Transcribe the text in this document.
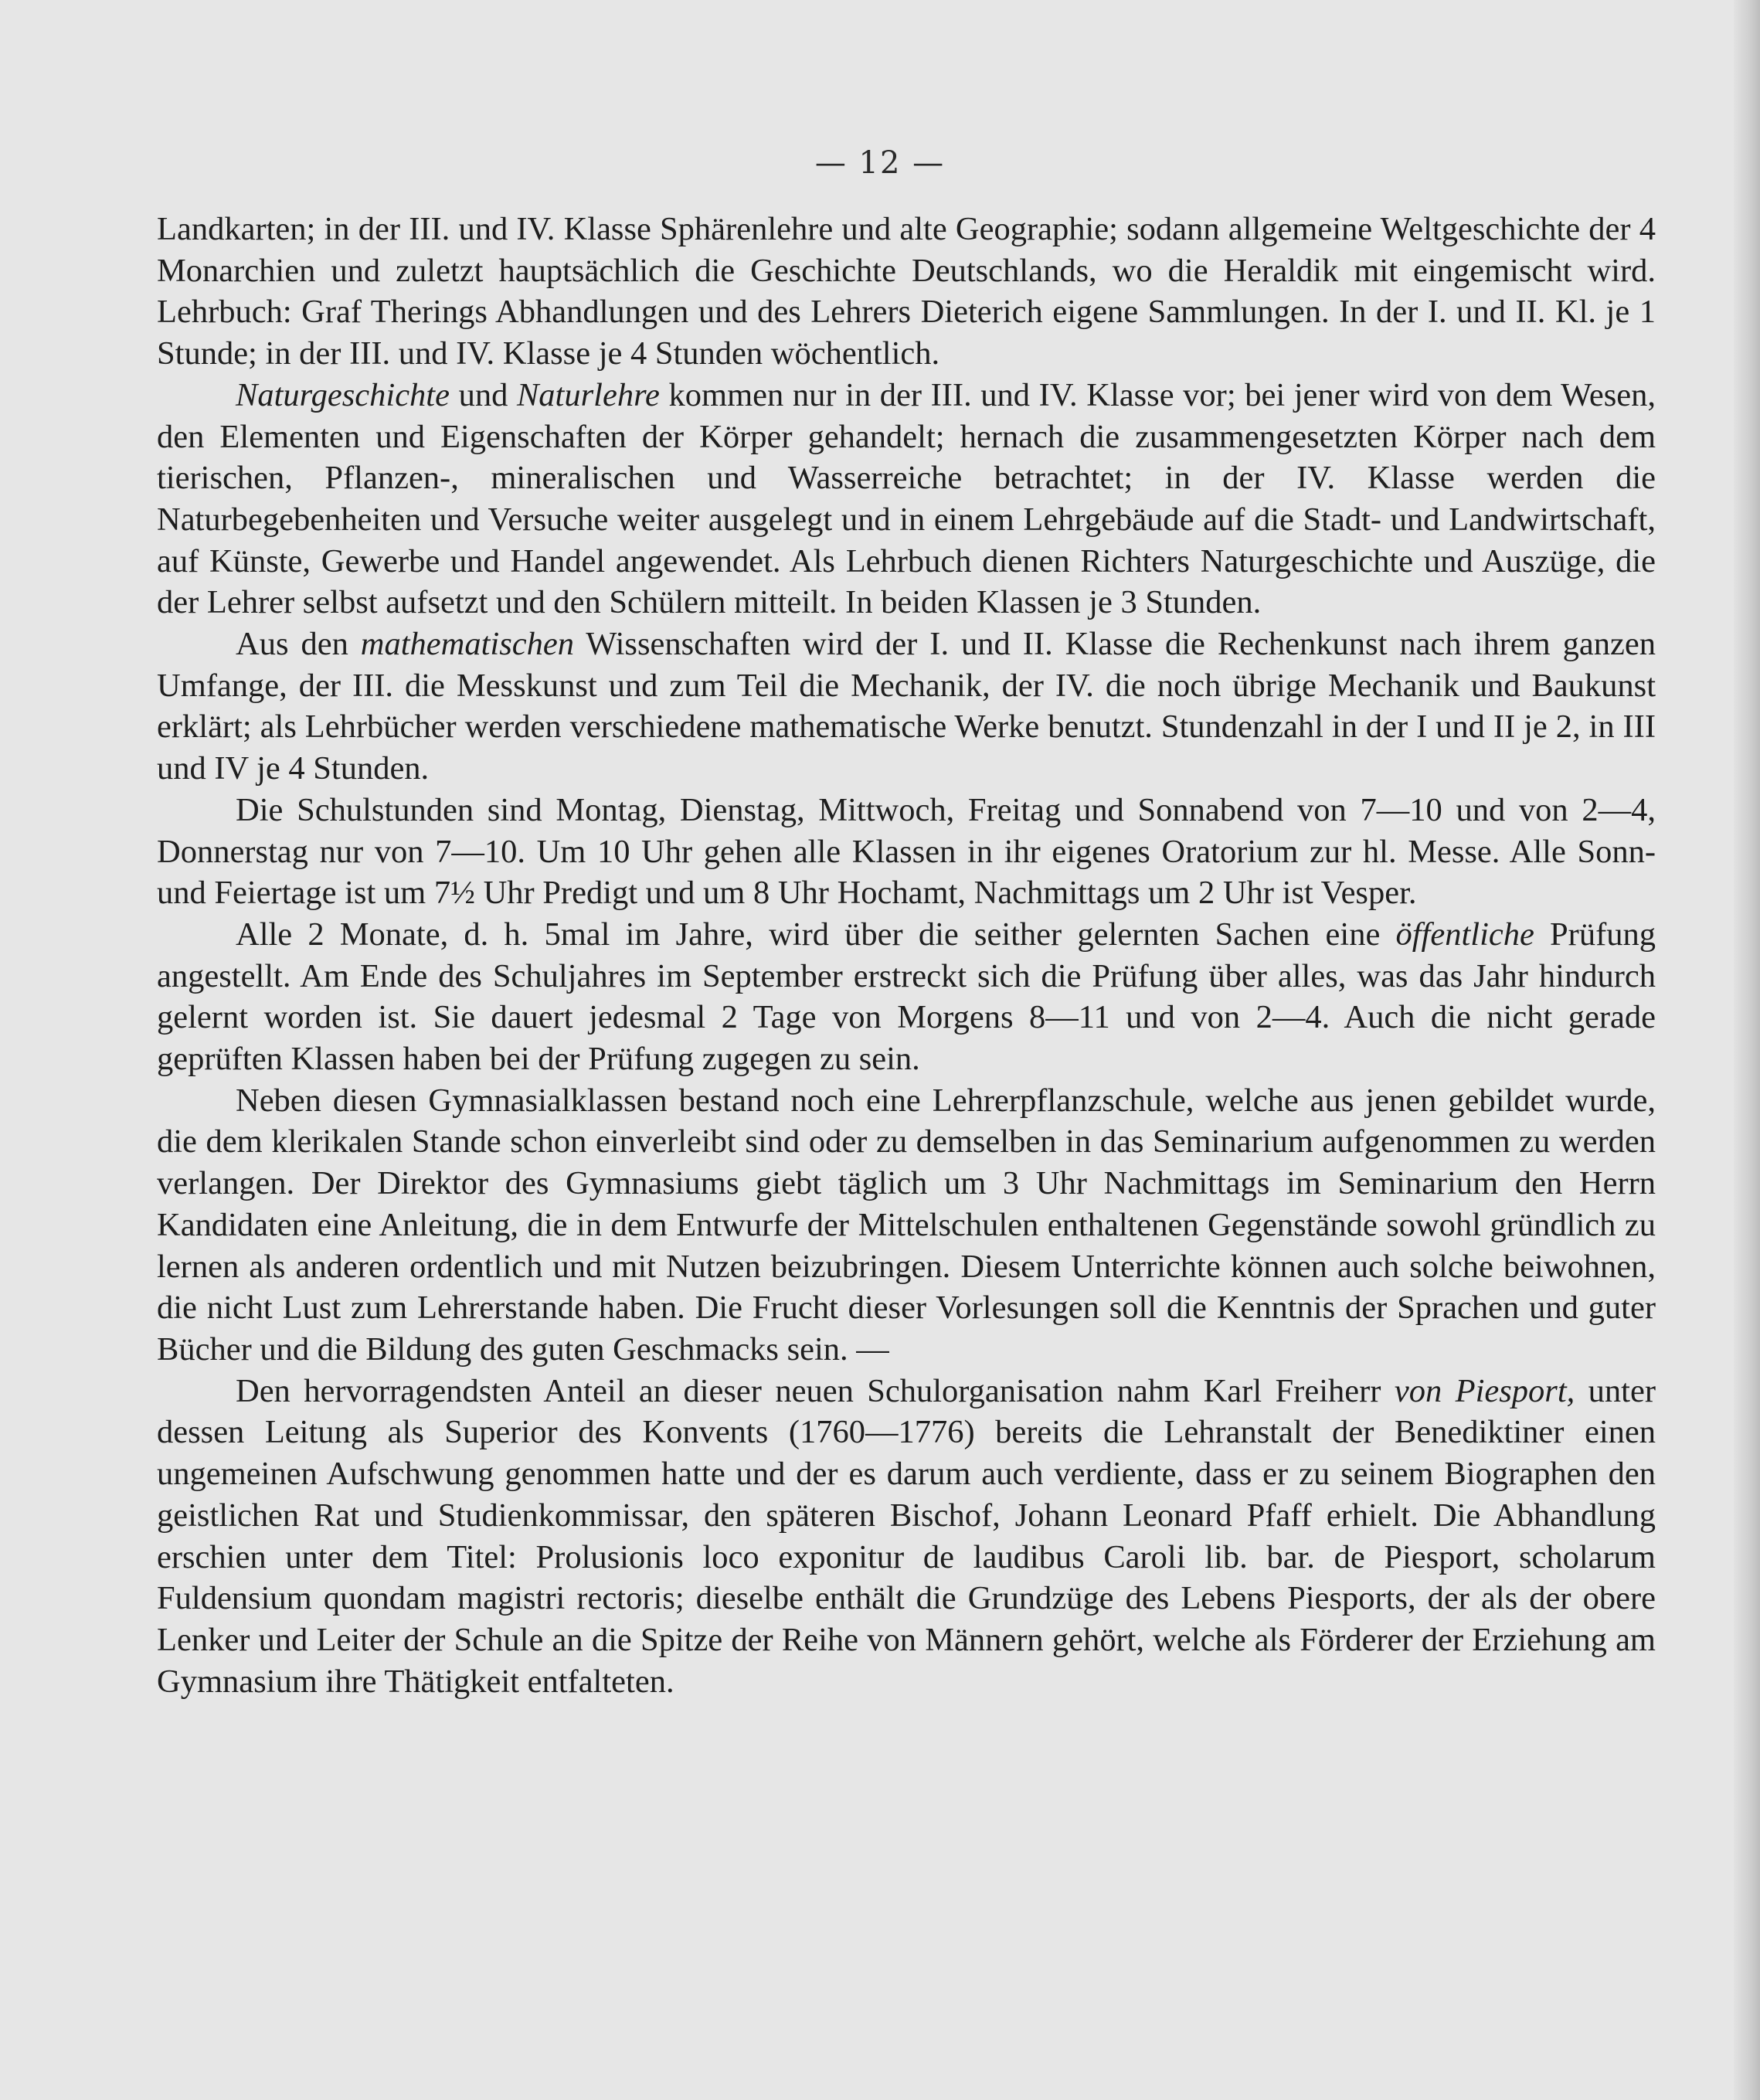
— 12 —

Landkarten; in der III. und IV. Klasse Sphärenlehre und alte Geographie; sodann allgemeine Weltgeschichte der 4 Monarchien und zuletzt hauptsächlich die Geschichte Deutschlands, wo die Heraldik mit eingemischt wird. Lehrbuch: Graf Therings Abhandlungen und des Lehrers Dieterich eigene Sammlungen. In der I. und II. Kl. je 1 Stunde; in der III. und IV. Klasse je 4 Stunden wöchentlich.

Naturgeschichte und Naturlehre kommen nur in der III. und IV. Klasse vor; bei jener wird von dem Wesen, den Elementen und Eigenschaften der Körper gehandelt; hernach die zusammengesetzten Körper nach dem tierischen, Pflanzen-, mineralischen und Wasserreiche betrachtet; in der IV. Klasse werden die Naturbegebenheiten und Versuche weiter ausgelegt und in einem Lehrgebäude auf die Stadt- und Landwirtschaft, auf Künste, Gewerbe und Handel angewendet. Als Lehrbuch dienen Richters Naturgeschichte und Auszüge, die der Lehrer selbst aufsetzt und den Schülern mitteilt. In beiden Klassen je 3 Stunden.

Aus den mathematischen Wissenschaften wird der I. und II. Klasse die Rechenkunst nach ihrem ganzen Umfange, der III. die Messkunst und zum Teil die Mechanik, der IV. die noch übrige Mechanik und Baukunst erklärt; als Lehrbücher werden verschiedene mathematische Werke benutzt. Stundenzahl in der I und II je 2, in III und IV je 4 Stunden.

Die Schulstunden sind Montag, Dienstag, Mittwoch, Freitag und Sonnabend von 7—10 und von 2—4, Donnerstag nur von 7—10. Um 10 Uhr gehen alle Klassen in ihr eigenes Oratorium zur hl. Messe. Alle Sonn- und Feiertage ist um 7½ Uhr Predigt und um 8 Uhr Hochamt, Nachmittags um 2 Uhr ist Vesper.

Alle 2 Monate, d. h. 5mal im Jahre, wird über die seither gelernten Sachen eine öffentliche Prüfung angestellt. Am Ende des Schuljahres im September erstreckt sich die Prüfung über alles, was das Jahr hindurch gelernt worden ist. Sie dauert jedesmal 2 Tage von Morgens 8—11 und von 2—4. Auch die nicht gerade geprüften Klassen haben bei der Prüfung zugegen zu sein.

Neben diesen Gymnasialklassen bestand noch eine Lehrerpflanzschule, welche aus jenen gebildet wurde, die dem klerikalen Stande schon einverleibt sind oder zu demselben in das Seminarium aufgenommen zu werden verlangen. Der Direktor des Gymnasiums giebt täglich um 3 Uhr Nachmittags im Seminarium den Herrn Kandidaten eine Anleitung, die in dem Entwurfe der Mittelschulen enthaltenen Gegenstände sowohl gründlich zu lernen als anderen ordentlich und mit Nutzen beizubringen. Diesem Unterrichte können auch solche beiwohnen, die nicht Lust zum Lehrerstande haben. Die Frucht dieser Vorlesungen soll die Kenntnis der Sprachen und guter Bücher und die Bildung des guten Geschmacks sein. —

Den hervorragendsten Anteil an dieser neuen Schulorganisation nahm Karl Freiherr von Piesport, unter dessen Leitung als Superior des Konvents (1760—1776) bereits die Lehranstalt der Benediktiner einen ungemeinen Aufschwung genommen hatte und der es darum auch verdiente, dass er zu seinem Biographen den geistlichen Rat und Studienkommissar, den späteren Bischof, Johann Leonard Pfaff erhielt. Die Abhandlung erschien unter dem Titel: Prolusionis loco exponitur de laudibus Caroli lib. bar. de Piesport, scholarum Fuldensium quondam magistri rectoris; dieselbe enthält die Grundzüge des Lebens Piesports, der als der obere Lenker und Leiter der Schule an die Spitze der Reihe von Männern gehört, welche als Förderer der Erziehung am Gymnasium ihre Thätigkeit entfalteten.
